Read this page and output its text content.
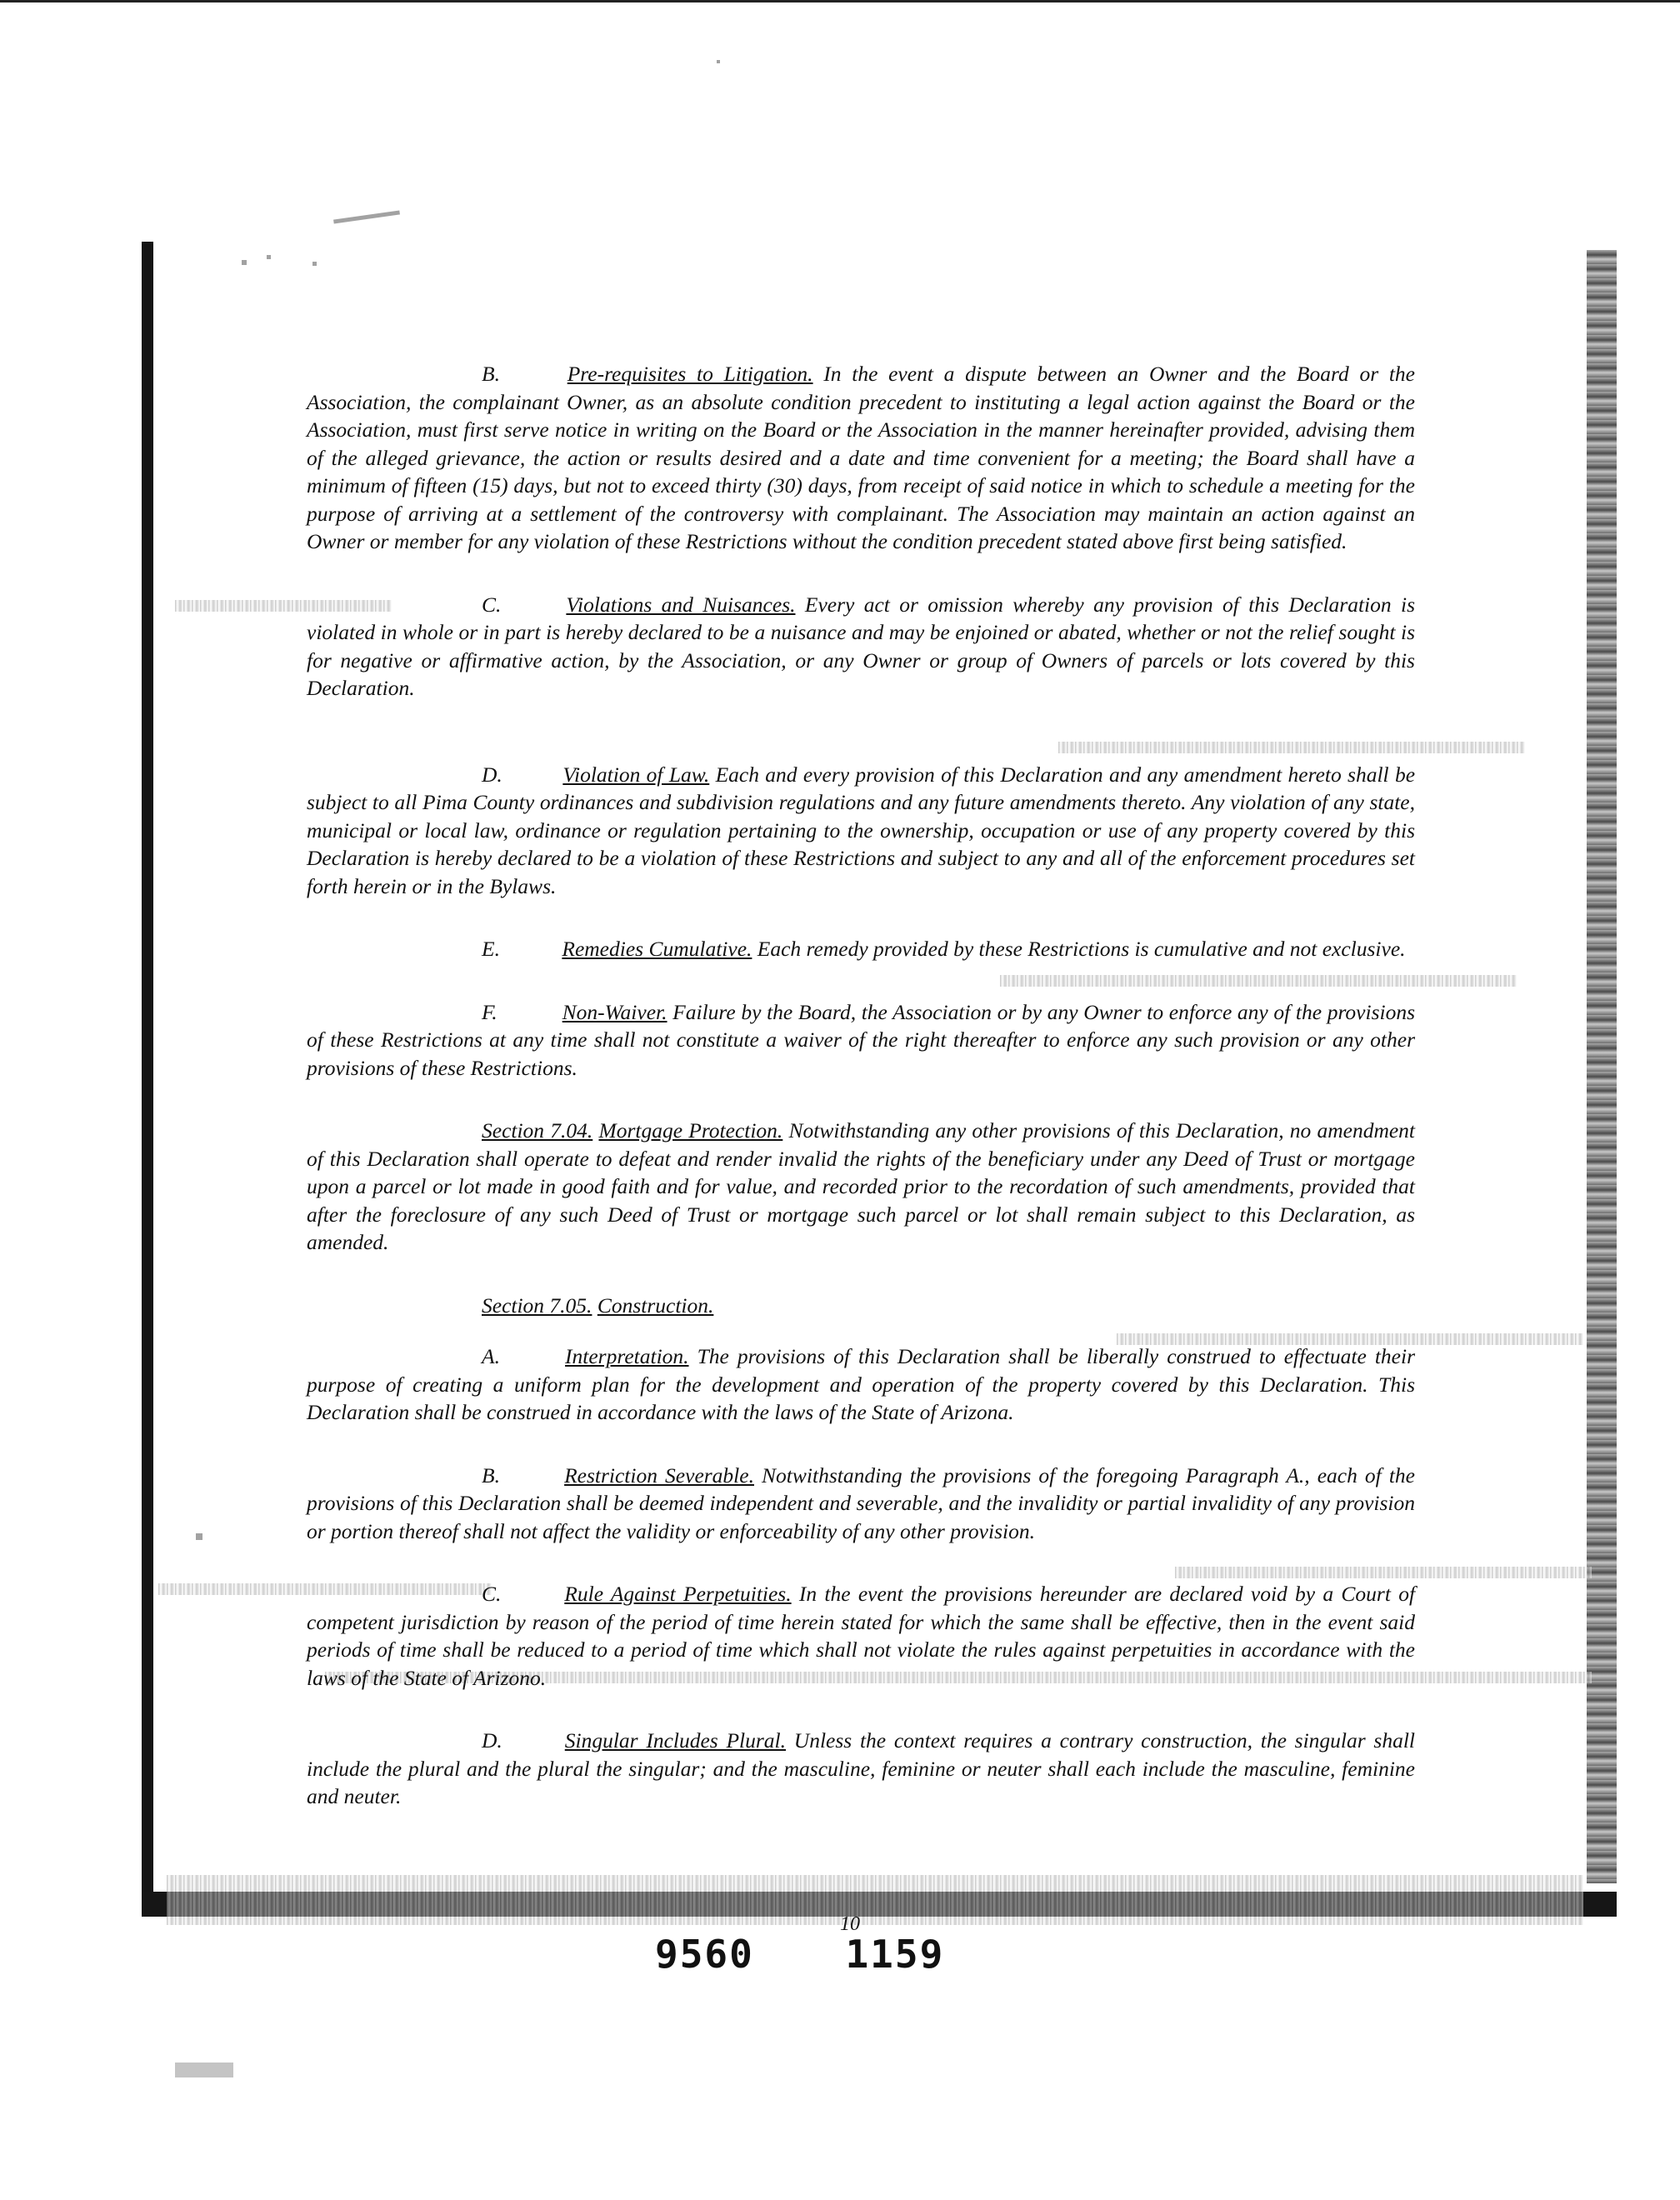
B.	Pre-requisites to Litigation. In the event a dispute between an Owner and the Board or the Association, the complainant Owner, as an absolute condition precedent to instituting a legal action against the Board or the Association, must first serve notice in writing on the Board or the Association in the manner hereinafter provided, advising them of the alleged grievance, the action or results desired and a date and time convenient for a meeting; the Board shall have a minimum of fifteen (15) days, but not to exceed thirty (30) days, from receipt of said notice in which to schedule a meeting for the purpose of arriving at a settlement of the controversy with complainant. The Association may maintain an action against an Owner or member for any violation of these Restrictions without the condition precedent stated above first being satisfied.

C.	Violations and Nuisances. Every act or omission whereby any provision of this Declaration is violated in whole or in part is hereby declared to be a nuisance and may be enjoined or abated, whether or not the relief sought is for negative or affirmative action, by the Association, or any Owner or group of Owners of parcels or lots covered by this Declaration.

D.	Violation of Law. Each and every provision of this Declaration and any amendment hereto shall be subject to all Pima County ordinances and subdivision regulations and any future amendments thereto. Any violation of any state, municipal or local law, ordinance or regulation pertaining to the ownership, occupation or use of any property covered by this Declaration is hereby declared to be a violation of these Restrictions and subject to any and all of the enforcement procedures set forth herein or in the Bylaws.

E.	Remedies Cumulative. Each remedy provided by these Restrictions is cumulative and not exclusive.

F.	Non-Waiver. Failure by the Board, the Association or by any Owner to enforce any of the provisions of these Restrictions at any time shall not constitute a waiver of the right thereafter to enforce any such provision or any other provisions of these Restrictions.

Section 7.04. Mortgage Protection. Notwithstanding any other provisions of this Declaration, no amendment of this Declaration shall operate to defeat and render invalid the rights of the beneficiary under any Deed of Trust or mortgage upon a parcel or lot made in good faith and for value, and recorded prior to the recordation of such amendments, provided that after the foreclosure of any such Deed of Trust or mortgage such parcel or lot shall remain subject to this Declaration, as amended.

Section 7.05. Construction.

A.	Interpretation. The provisions of this Declaration shall be liberally construed to effectuate their purpose of creating a uniform plan for the development and operation of the property covered by this Declaration. This Declaration shall be construed in accordance with the laws of the State of Arizona.

B.	Restriction Severable. Notwithstanding the provisions of the foregoing Paragraph A., each of the provisions of this Declaration shall be deemed independent and severable, and the invalidity or partial invalidity of any provision or portion thereof shall not affect the validity or enforceability of any other provision.

C.	Rule Against Perpetuities. In the event the provisions hereunder are declared void by a Court of competent jurisdiction by reason of the period of time herein stated for which the same shall be effective, then in the event said periods of time shall be reduced to a period of time which shall not violate the rules against perpetuities in accordance with the laws of the State of Arizono.

D.	Singular Includes Plural. Unless the context requires a contrary construction, the singular shall include the plural and the plural the singular; and the masculine, feminine or neuter shall each include the masculine, feminine and neuter.

10
9560 1159
